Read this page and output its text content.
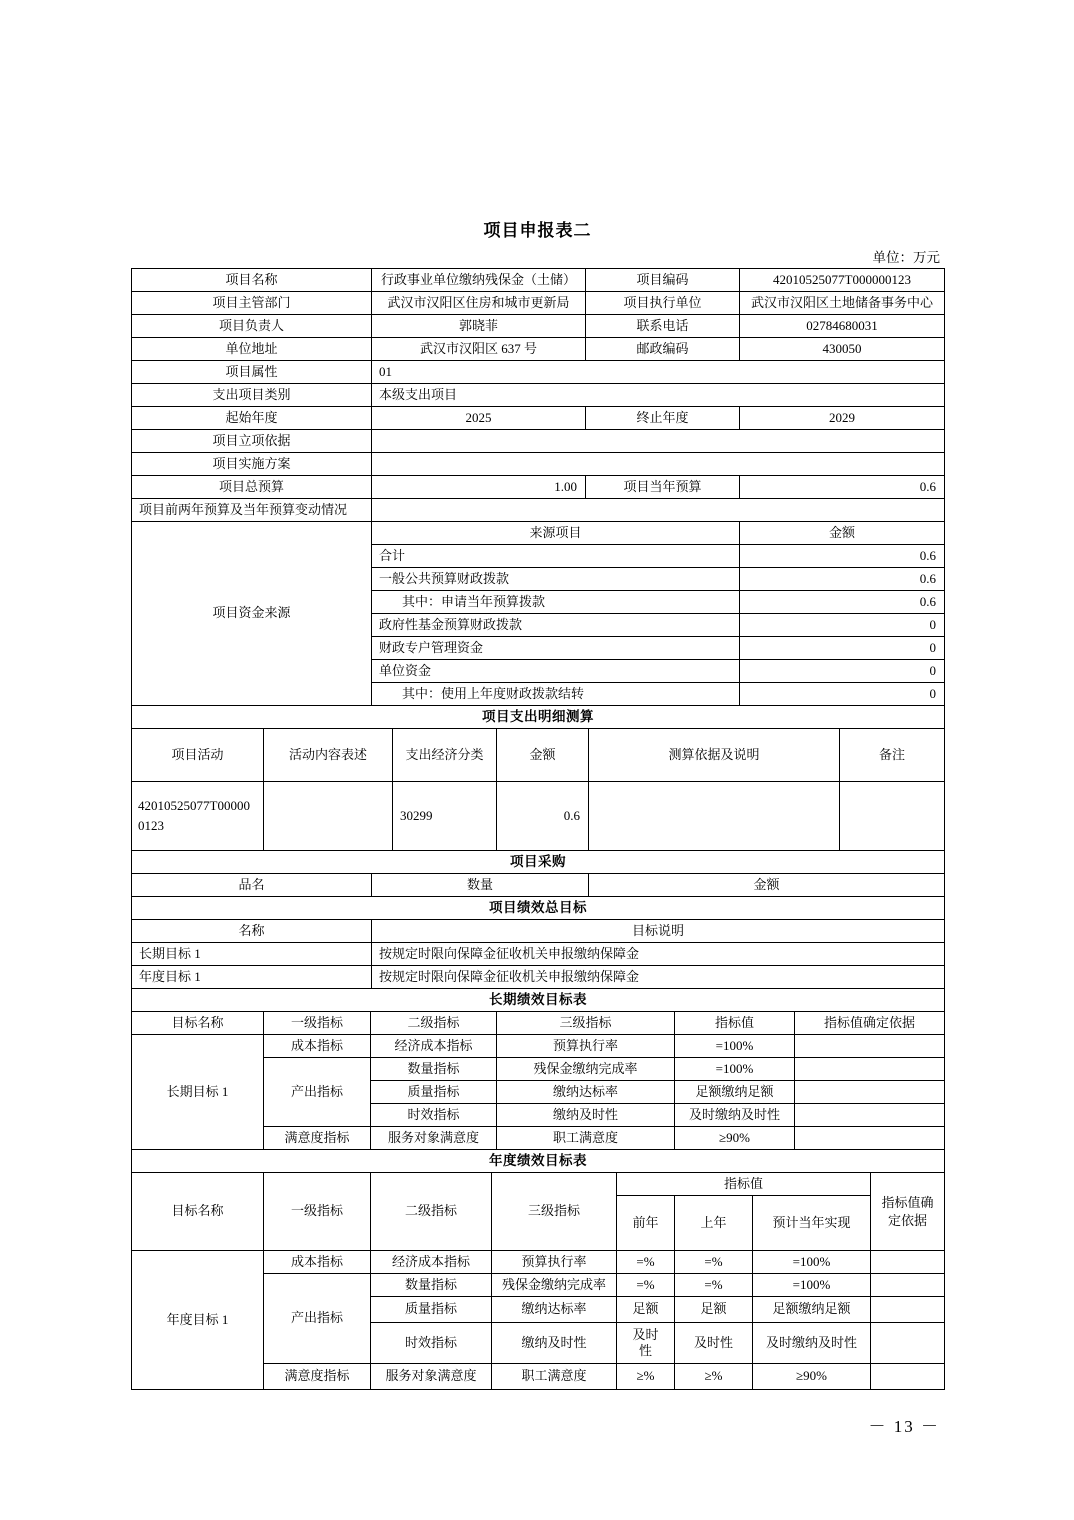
项目申报表二
单位：万元
项目名称	行政事业单位缴纳残保金（土储）	项目编码	42010525077T000000123
项目主管部门	武汉市汉阳区住房和城市更新局	项目执行单位	武汉市汉阳区土地储备事务中心
项目负责人	郭晓菲	联系电话	02784680031
单位地址	武汉市汉阳区 637 号	邮政编码	430050
项目属性	01		
支出项目类别	本级支出项目		
起始年度	2025	终止年度	2029
项目立项依据			
项目实施方案			
项目总预算	1.00	项目当年预算	0.6
项目前两年预算及当年预算变动情况			
项目资金来源	来源项目	金额
	合计	0.6
	一般公共预算财政拨款	0.6
	其中：申请当年预算拨款	0.6
	政府性基金预算财政拨款	0
	财政专户管理资金	0
	单位资金	0
	其中：使用上年度财政拨款结转	0
项目支出明细测算					
项目活动	活动内容表述	支出经济分类	金额	测算依据及说明	备注
42010525077T000000123		30299	0.6		
项目采购
品名	数量	金额
项目绩效总目标	
名称	目标说明
长期目标 1	按规定时限向保障金征收机关申报缴纳保障金
年度目标 1	按规定时限向保障金征收机关申报缴纳保障金
长期绩效目标表					
目标名称	一级指标	二级指标	三级指标	指标值	指标值确定依据
长期目标 1	成本指标	经济成本指标	预算执行率	=100%	
	产出指标	数量指标	残保金缴纳完成率	=100%	
		质量指标	缴纳达标率	足额缴纳足额	
		时效指标	缴纳及时性	及时缴纳及时性	
	满意度指标	服务对象满意度	职工满意度	≥90%	
年度绩效目标表							
目标名称	一级指标	二级指标	三级指标	指标值			指标值确定依据
				前年	上年	预计当年实现	
年度目标 1	成本指标	经济成本指标	预算执行率	=%	=%	=100%	
	产出指标	数量指标	残保金缴纳完成率	=%	=%	=100%	
		质量指标	缴纳达标率	足额	足额	足额缴纳足额	
		时效指标	缴纳及时性	及时性	及时性	及时缴纳及时性	
	满意度指标	服务对象满意度	职工满意度	≥%	≥%	≥90%	
－ 13 －
